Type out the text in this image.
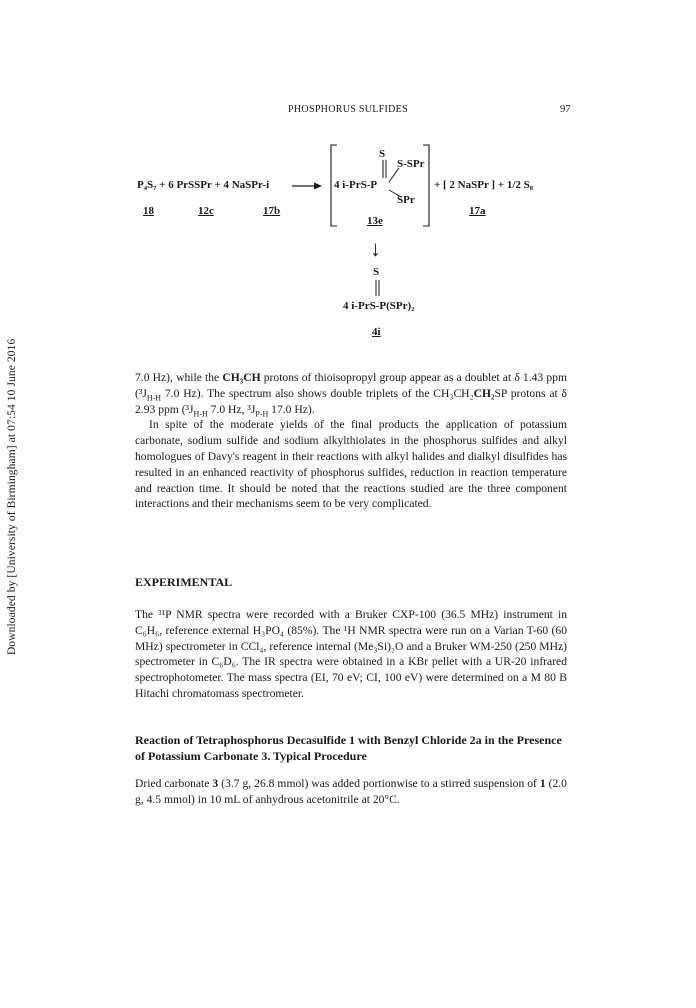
Downloaded by [University of Birmingham] at 07:54 10 June 2016
PHOSPHORUS SULFIDES	97
P₄S₇ + 6 PrSSPr + 4 NaSPr-i
18	12c	17b
S
S-SPr
4 i-PrS-P
SPr
13e
+ [ 2 NaSPr ] + 1/2 S₈
17a
↓
S
4 i-PrS-P(SPr)₂
4i

7.0 Hz), while the CH₃CH protons of thioisopropyl group appear as a doublet at δ 1.43 ppm ($^3J_{H-H}$ 7.0 Hz). The spectrum also shows double triplets of the CH₃CH₂CH₂SP protons at δ 2.93 ppm ($^3J_{H-H}$ 7.0 Hz, $^3J_{P-H}$ 17.0 Hz).

In spite of the moderate yields of the final products the application of potassium carbonate, sodium sulfide and sodium alkylthiolates in the phosphorus sulfides and alkyl homologues of Davy's reagent in their reactions with alkyl halides and dialkyl disulfides has resulted in an enhanced reactivity of phosphorus sulfides, reduction in reaction temperature and reaction time. It should be noted that the reactions studied are the three component interactions and their mechanisms seem to be very complicated.

EXPERIMENTAL
The ³¹P NMR spectra were recorded with a Bruker CXP-100 (36.5 MHz) instrument in C₆H₆, reference external H₃PO₄ (85%). The ¹H NMR spectra were run on a Varian T-60 (60 MHz) spectrometer in CCl₄, reference internal (Me₃Si)₂O and a Bruker WM-250 (250 MHz) spectrometer in C₆D₆. The IR spectra were obtained in a KBr pellet with a UR-20 infrared spectrophotometer. The mass spectra (EI, 70 eV; CI, 100 eV) were determined on a M 80 B Hitachi chromatomass spectrometer.
Reaction of Tetraphosphorus Decasulfide 1 with Benzyl Chloride 2a in the Presence of Potassium Carbonate 3. Typical Procedure

Dried carbonate 3 (3.7 g, 26.8 mmol) was added portionwise to a stirred suspension of 1 (2.0 g, 4.5 mmol) in 10 mL of anhydrous acetonitrile at 20°C.
